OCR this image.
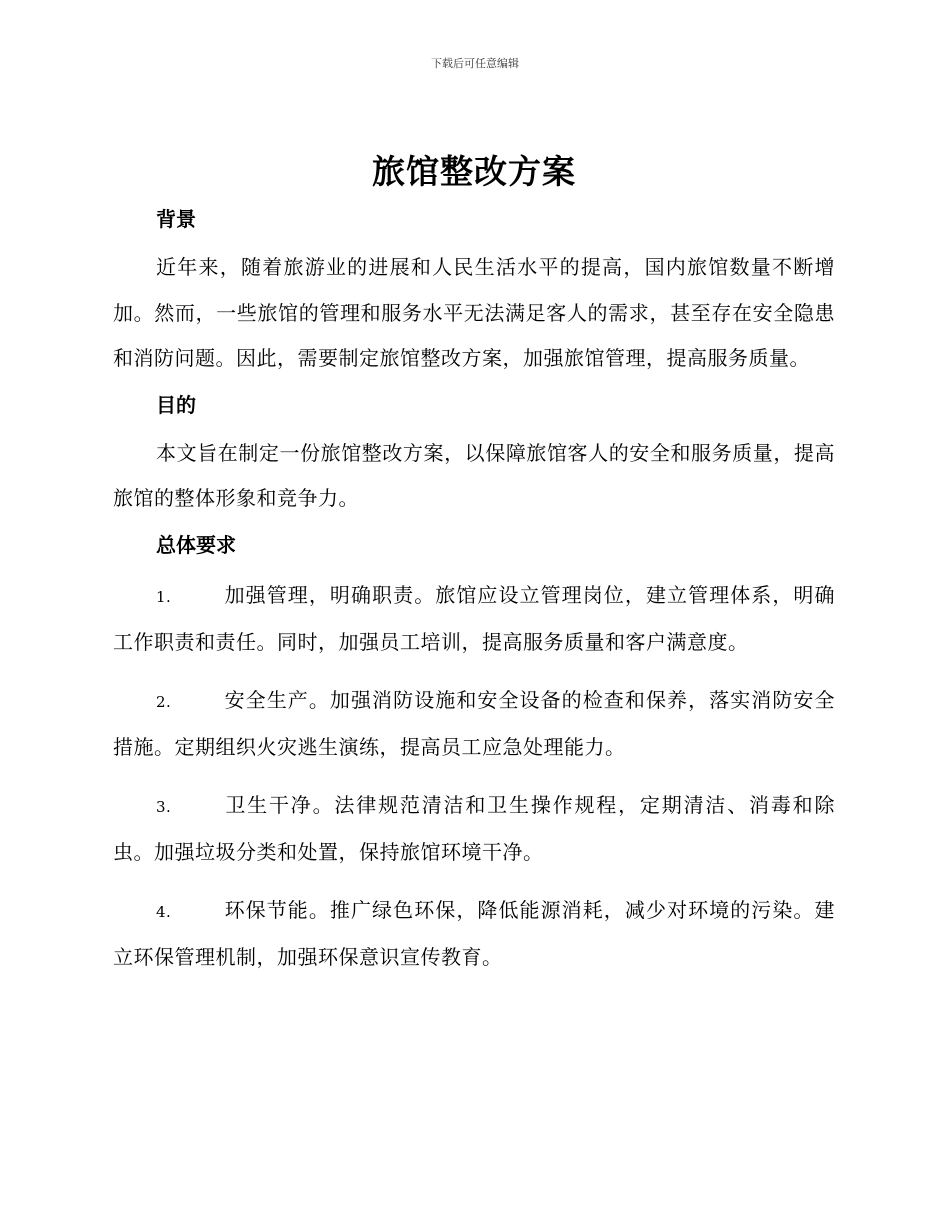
下载后可任意编辑
旅馆整改方案
背景

近年来，随着旅游业的进展和人民生活水平的提高，国内旅馆数量不断增加。然而，一些旅馆的管理和服务水平无法满足客人的需求，甚至存在安全隐患和消防问题。因此，需要制定旅馆整改方案，加强旅馆管理，提高服务质量。

目的

本文旨在制定一份旅馆整改方案，以保障旅馆客人的安全和服务质量，提高旅馆的整体形象和竞争力。

总体要求

1.	加强管理，明确职责。旅馆应设立管理岗位，建立管理体系，明确工作职责和责任。同时，加强员工培训，提高服务质量和客户满意度。

2.	安全生产。加强消防设施和安全设备的检查和保养，落实消防安全措施。定期组织火灾逃生演练，提高员工应急处理能力。

3.	卫生干净。法律规范清洁和卫生操作规程，定期清洁、消毒和除虫。加强垃圾分类和处置，保持旅馆环境干净。

4.	环保节能。推广绿色环保，降低能源消耗，减少对环境的污染。建立环保管理机制，加强环保意识宣传教育。
